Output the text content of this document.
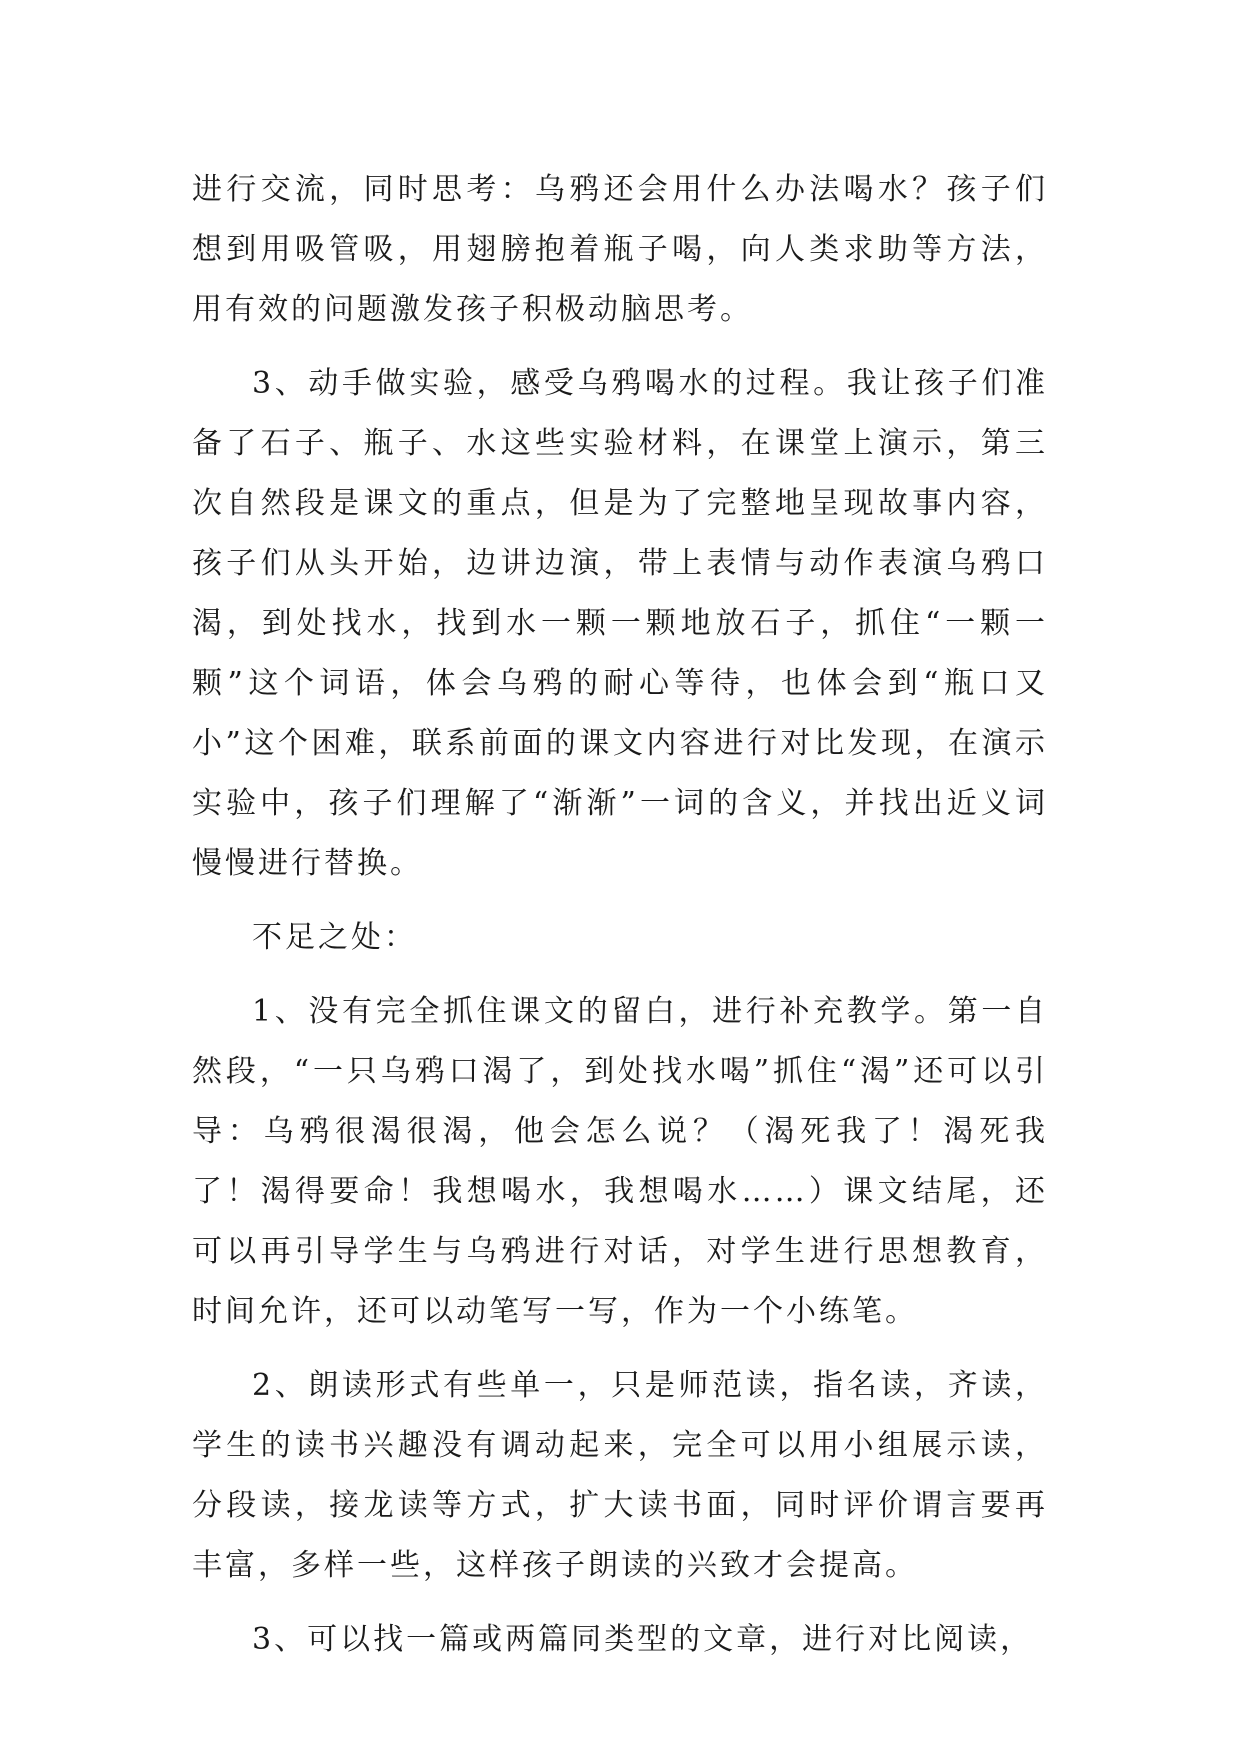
进行交流，同时思考：乌鸦还会用什么办法喝水？孩子们想到用吸管吸，用翅膀抱着瓶子喝，向人类求助等方法，用有效的问题激发孩子积极动脑思考。

3、动手做实验，感受乌鸦喝水的过程。我让孩子们准备了石子、瓶子、水这些实验材料，在课堂上演示，第三次自然段是课文的重点，但是为了完整地呈现故事内容，孩子们从头开始，边讲边演，带上表情与动作表演乌鸦口渴，到处找水，找到水一颗一颗地放石子，抓住“一颗一颗”这个词语，体会乌鸦的耐心等待，也体会到“瓶口又小”这个困难，联系前面的课文内容进行对比发现，在演示实验中，孩子们理解了“渐渐”一词的含义，并找出近义词慢慢进行替换。

不足之处：

1、没有完全抓住课文的留白，进行补充教学。第一自然段，“一只乌鸦口渴了，到处找水喝”抓住“渴”还可以引导：乌鸦很渴很渴，他会怎么说？（渴死我了！渴死我了！渴得要命！我想喝水，我想喝水……）课文结尾，还可以再引导学生与乌鸦进行对话，对学生进行思想教育，时间允许，还可以动笔写一写，作为一个小练笔。

2、朗读形式有些单一，只是师范读，指名读，齐读，学生的读书兴趣没有调动起来，完全可以用小组展示读，分段读，接龙读等方式，扩大读书面，同时评价谓言要再丰富，多样一些，这样孩子朗读的兴致才会提高。

3、可以找一篇或两篇同类型的文章，进行对比阅读，
